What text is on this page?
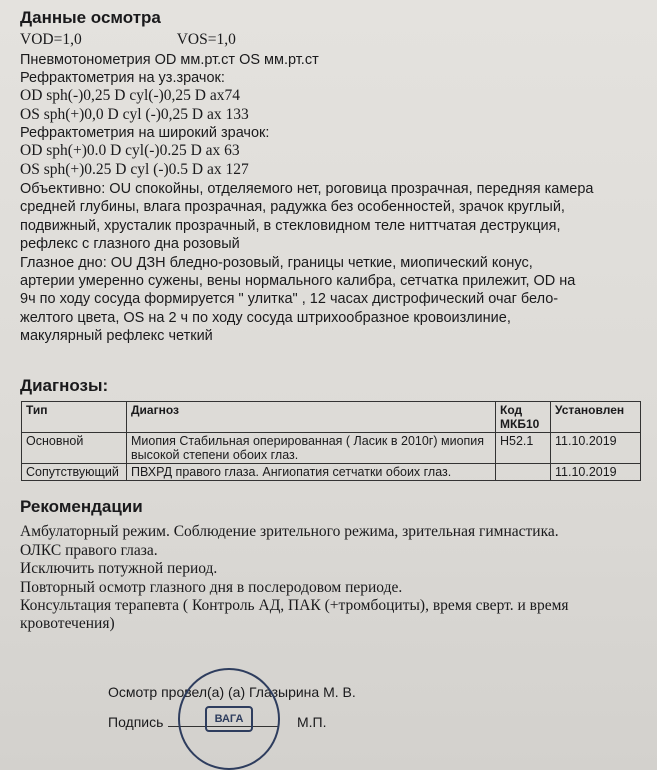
Данные осмотра
VOD=1,0	VOS=1,0
Пневмотонометрия OD мм.рт.ст OS мм.рт.ст
Рефрактометрия на уз.зрачок:
OD sph(-)0,25 D cyl(-)0,25 D ax74
OS sph(+)0,0 D cyl (-)0,25 D ax 133
Рефрактометрия на широкий зрачок:
OD sph(+)0.0 D cyl(-)0.25 D ax 63
OS sph(+)0.25 D cyl (-)0.5 D ax 127
Объективно: OU спокойны, отделяемого нет, роговица прозрачная, передняя камера
средней глубины, влага прозрачная, радужка без особенностей, зрачок круглый,
подвижный, хрусталик прозрачный, в стекловидном теле ниттчатая деструкция,
рефлекс с глазного дна розовый
Глазное дно: OU ДЗН бледно-розовый, границы четкие, миопический конус,
артерии умеренно сужены, вены нормального калибра, сетчатка прилежит, OD на
9ч по ходу сосуда формируется " улитка" , 12 часах дистрофический очаг бело-
желтого цвета, OS на 2 ч по ходу сосуда штрихообразное кровоизлиние,
макулярный рефлекс четкий
Диагнозы:
Тип	Диагноз	Код МКБ10	Установлен
Основной	Миопия Стабильная оперированная ( Ласик в 2010г) миопия высокой степени обоих глаз.	H52.1	11.10.2019
Сопутствующий	ПВХРД правого глаза. Ангиопатия сетчатки обоих глаз.		11.10.2019
Рекомендации
Амбулаторный режим. Соблюдение зрительного режима, зрительная гимнастика.
ОЛКС правого глаза.
Исключить потужной период.
Повторный осмотр глазного дня в послеродовом периоде.
Консультация терапевта ( Контроль АД, ПАК (+тромбоциты), время сверт. и время
кровотечения)
Осмотр провел(а) (а) Глазырина М. В.
Подпись	М.П.
ВАГА
